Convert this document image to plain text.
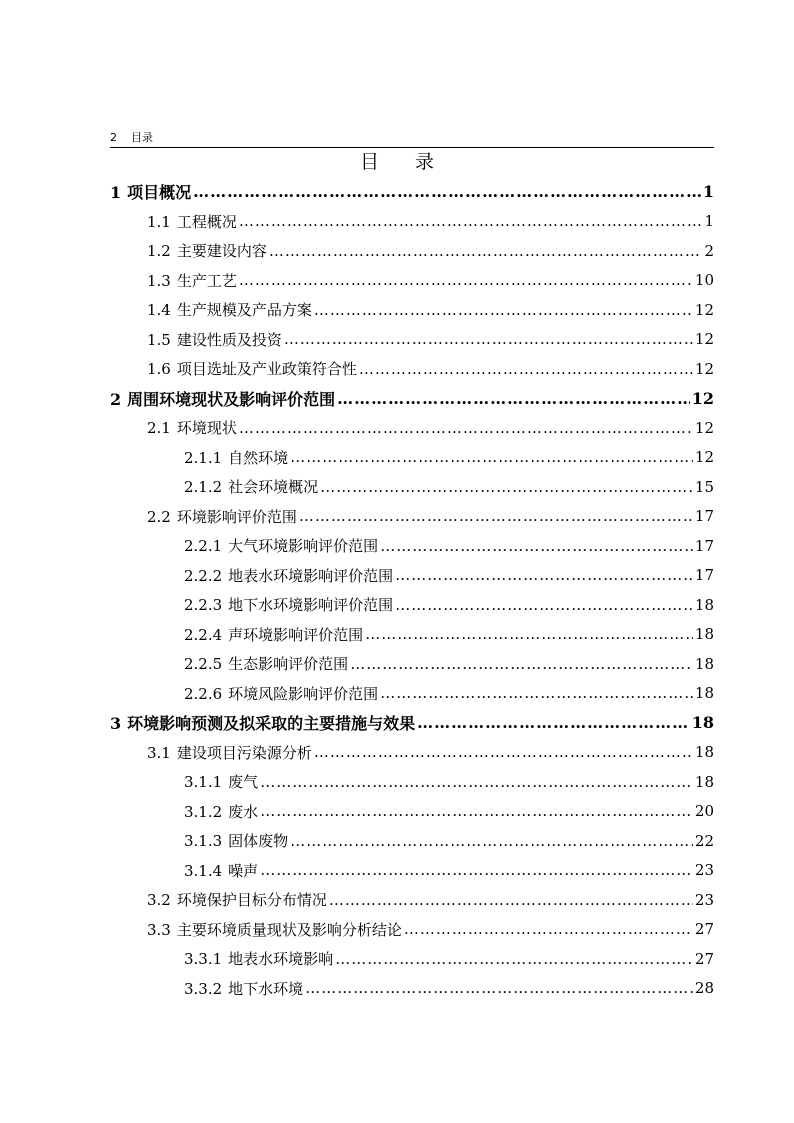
2 目录
目 录
1 项目概况 ………………………………………………………………………………………………………………………………………………………………	1
1.1 工程概况 ………………………………………………………………………………………………………………………………………………………………	1
1.2 主要建设内容 ………………………………………………………………………………………………………………………………………………………………	2
1.3 生产工艺 ………………………………………………………………………………………………………………………………………………………………	10
1.4 生产规模及产品方案 ………………………………………………………………………………………………………………………………………………………………	12
1.5 建设性质及投资 ………………………………………………………………………………………………………………………………………………………………	12
1.6 项目选址及产业政策符合性 ………………………………………………………………………………………………………………………………………………………………	12
2 周围环境现状及影响评价范围 ………………………………………………………………………………………………………………………………………………………………	12
2.1 环境现状 ………………………………………………………………………………………………………………………………………………………………	12
2.1.1 自然环境 ………………………………………………………………………………………………………………………………………………………………	12
2.1.2 社会环境概况 ………………………………………………………………………………………………………………………………………………………………	15
2.2 环境影响评价范围 ………………………………………………………………………………………………………………………………………………………………	17
2.2.1 大气环境影响评价范围 ………………………………………………………………………………………………………………………………………………………………	17
2.2.2 地表水环境影响评价范围 ………………………………………………………………………………………………………………………………………………………………	17
2.2.3 地下水环境影响评价范围 ………………………………………………………………………………………………………………………………………………………………	18
2.2.4 声环境影响评价范围 ………………………………………………………………………………………………………………………………………………………………	18
2.2.5 生态影响评价范围 ………………………………………………………………………………………………………………………………………………………………	18
2.2.6 环境风险影响评价范围 ………………………………………………………………………………………………………………………………………………………………	18
3 环境影响预测及拟采取的主要措施与效果 ………………………………………………………………………………………………………………………………………………………………	18
3.1 建设项目污染源分析 ………………………………………………………………………………………………………………………………………………………………	18
3.1.1 废气 ………………………………………………………………………………………………………………………………………………………………	18
3.1.2 废水 ………………………………………………………………………………………………………………………………………………………………	20
3.1.3 固体废物 ………………………………………………………………………………………………………………………………………………………………	22
3.1.4 噪声 ………………………………………………………………………………………………………………………………………………………………	23
3.2 环境保护目标分布情况 ………………………………………………………………………………………………………………………………………………………………	23
3.3 主要环境质量现状及影响分析结论 ………………………………………………………………………………………………………………………………………………………………	27
3.3.1 地表水环境影响 ………………………………………………………………………………………………………………………………………………………………	27
3.3.2 地下水环境 ………………………………………………………………………………………………………………………………………………………………	28
